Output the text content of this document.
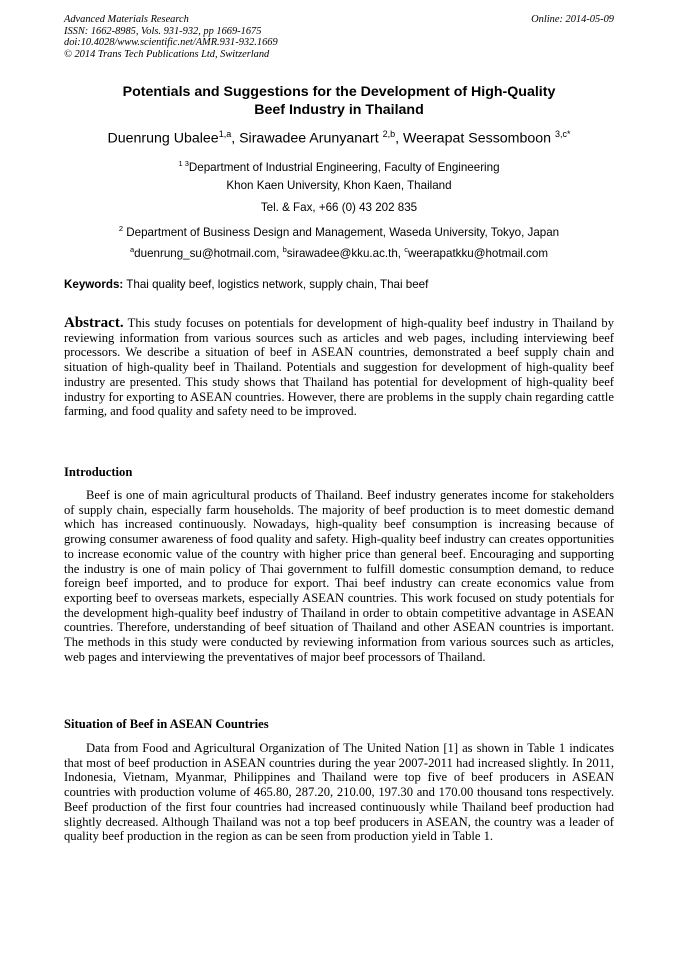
Advanced Materials Research
ISSN: 1662-8985, Vols. 931-932, pp 1669-1675
doi:10.4028/www.scientific.net/AMR.931-932.1669
© 2014 Trans Tech Publications Ltd, Switzerland
Online: 2014-05-09
Potentials and Suggestions for the Development of High-Quality
Beef Industry in Thailand
Duenrung Ubalee$^{1,a}$, Sirawadee Arunyanart $^{2,b}$, Weerapat Sessomboon $^{3,c*}$
$^{1 3}$Department of Industrial Engineering, Faculty of Engineering
Khon Kaen University, Khon Kaen, Thailand
Tel. & Fax, +66 (0) 43 202 835
$^2$ Department of Business Design and Management, Waseda University, Tokyo, Japan
$^a$duenrung_su@hotmail.com, $^b$sirawadee@kku.ac.th, $^c$weerapatkku@hotmail.com
Keywords: Thai quality beef, logistics network, supply chain, Thai beef
Abstract. This study focuses on potentials for development of high-quality beef industry in Thailand by reviewing information from various sources such as articles and web pages, including interviewing beef processors. We describe a situation of beef in ASEAN countries, demonstrated a beef supply chain and situation of high-quality beef in Thailand. Potentials and suggestion for development of high-quality beef industry are presented. This study shows that Thailand has potential for development of high-quality beef industry for exporting to ASEAN countries. However, there are problems in the supply chain regarding cattle farming, and food quality and safety need to be improved.
Introduction
Beef is one of main agricultural products of Thailand. Beef industry generates income for stakeholders of supply chain, especially farm households. The majority of beef production is to meet domestic demand which has increased continuously. Nowadays, high-quality beef consumption is increasing because of growing consumer awareness of food quality and safety. High-quality beef industry can creates opportunities to increase economic value of the country with higher price than general beef. Encouraging and supporting the industry is one of main policy of Thai government to fulfill domestic consumption demand, to reduce foreign beef imported, and to produce for export. Thai beef industry can create economics value from exporting beef to overseas markets, especially ASEAN countries. This work focused on study potentials for the development high-quality beef industry of Thailand in order to obtain competitive advantage in ASEAN countries. Therefore, understanding of beef situation of Thailand and other ASEAN countries is important. The methods in this study were conducted by reviewing information from various sources such as articles, web pages and interviewing the preventatives of major beef processors of Thailand.
Situation of Beef in ASEAN Countries
Data from Food and Agricultural Organization of The United Nation [1] as shown in Table 1 indicates that most of beef production in ASEAN countries during the year 2007-2011 had increased slightly. In 2011, Indonesia, Vietnam, Myanmar, Philippines and Thailand were top five of beef producers in ASEAN countries with production volume of 465.80, 287.20, 210.00, 197.30 and 170.00 thousand tons respectively. Beef production of the first four countries had increased continuously while Thailand beef production had slightly decreased. Although Thailand was not a top beef producers in ASEAN, the country was a leader of quality beef production in the region as can be seen from production yield in Table 1.
